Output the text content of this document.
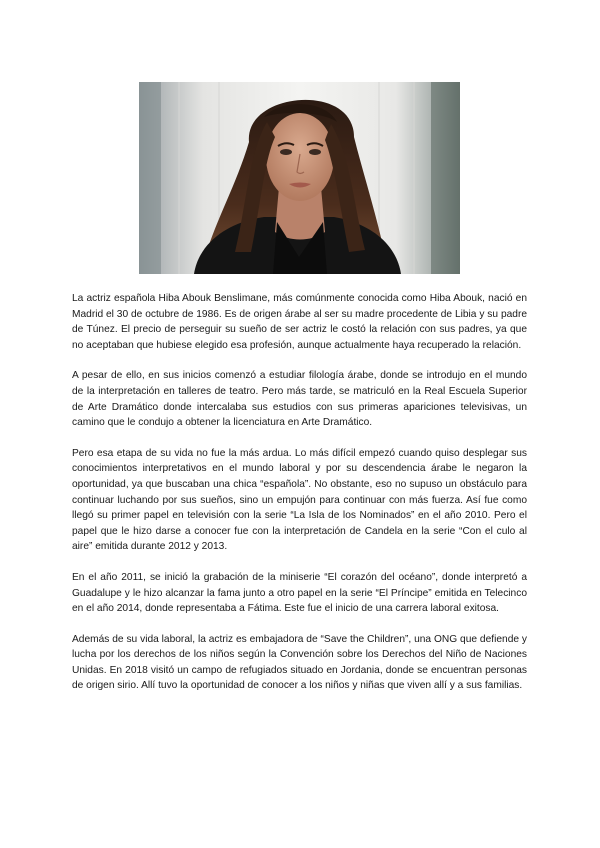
La actriz española Hiba Abouk Benslimane, más comúnmente conocida como Hiba Abouk, nació en Madrid el 30 de octubre de 1986. Es de origen árabe al ser su madre procedente de Libia y su padre de Túnez. El precio de perseguir su sueño de ser actriz le costó la relación con sus padres, ya que no aceptaban que hubiese elegido esa profesión, aunque actualmente haya recuperado la relación.

A pesar de ello, en sus inicios comenzó a estudiar filología árabe, donde se introdujo en el mundo de la interpretación en talleres de teatro. Pero más tarde, se matriculó en la Real Escuela Superior de Arte Dramático donde intercalaba sus estudios con sus primeras apariciones televisivas, un camino que le condujo a obtener la licenciatura en Arte Dramático.

Pero esa etapa de su vida no fue la más ardua. Lo más difícil empezó cuando quiso desplegar sus conocimientos interpretativos en el mundo laboral y por su descendencia árabe le negaron la oportunidad, ya que buscaban una chica “española”. No obstante, eso no supuso un obstáculo para continuar luchando por sus sueños, sino un empujón para continuar con más fuerza. Así fue como llegó su primer papel en televisión con la serie “La Isla de los Nominados” en el año 2010. Pero el papel que le hizo darse a conocer fue con la interpretación de Candela en la serie “Con el culo al aire” emitida durante 2012 y 2013.

En el año 2011, se inició la grabación de la miniserie “El corazón del océano”, donde interpretó a Guadalupe y le hizo alcanzar la fama junto a otro papel en la serie “El Príncipe” emitida en Telecinco en el año 2014, donde representaba a Fátima. Este fue el inicio de una carrera laboral exitosa.

Además de su vida laboral, la actriz es embajadora de “Save the Children”, una ONG que defiende y lucha por los derechos de los niños según la Convención sobre los Derechos del Niño de Naciones Unidas. En 2018 visitó un campo de refugiados situado en Jordania, donde se encuentran personas de origen sirio. Allí tuvo la oportunidad de conocer a los niños y niñas que viven allí y a sus familias.
